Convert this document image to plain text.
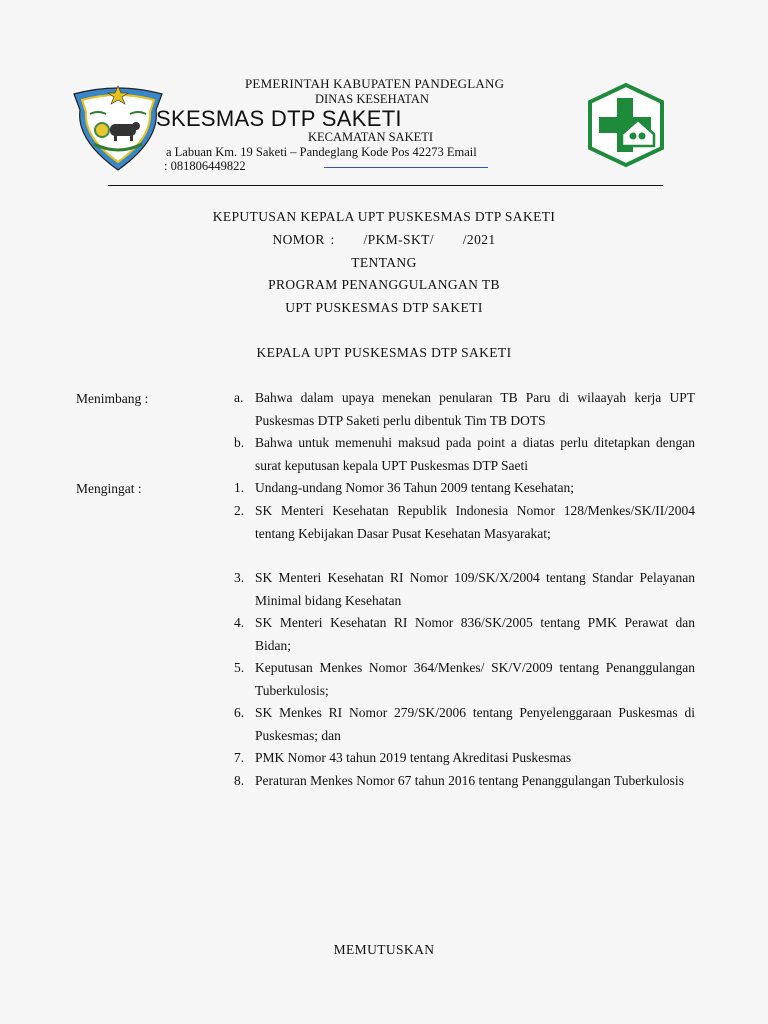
PEMERINTAH KABUPATEN PANDEGLANG
DINAS KESEHATAN
SKESMAS DTP SAKETI
KECAMATAN SAKETI
a Labuan Km. 19 Saketi – Pandeglang Kode Pos 42273 Email
: 081806449822
KEPUTUSAN KEPALA UPT PUSKESMAS DTP SAKETI
NOMOR :     /PKM-SKT/     /2021
TENTANG
PROGRAM PENANGGULANGAN TB
UPT PUSKESMAS DTP SAKETI
KEPALA UPT PUSKESMAS DTP SAKETI
Menimbang :	a. Bahwa dalam upaya menekan penularan TB Paru di wilaayah kerja UPT Puskesmas DTP Saketi perlu dibentuk Tim TB DOTS
b. Bahwa untuk memenuhi maksud pada point a diatas perlu ditetapkan dengan surat keputusan kepala UPT Puskesmas DTP Saeti
Mengingat :	1. Undang-undang Nomor 36 Tahun 2009 tentang Kesehatan;
2. SK Menteri Kesehatan Republik Indonesia Nomor 128/Menkes/SK/II/2004 tentang Kebijakan Dasar Pusat Kesehatan Masyarakat;
3. SK Menteri Kesehatan RI Nomor 109/SK/X/2004 tentang Standar Pelayanan Minimal bidang Kesehatan
4. SK Menteri Kesehatan RI Nomor 836/SK/2005 tentang PMK Perawat dan Bidan;
5. Keputusan Menkes Nomor 364/Menkes/ SK/V/2009 tentang Penanggulangan Tuberkulosis;
6. SK Menkes RI Nomor 279/SK/2006 tentang Penyelenggaraan Puskesmas di Puskesmas; dan
7. PMK Nomor 43 tahun 2019 tentang Akreditasi Puskesmas
8. Peraturan Menkes Nomor 67 tahun 2016 tentang Penanggulangan Tuberkulosis
MEMUTUSKAN
